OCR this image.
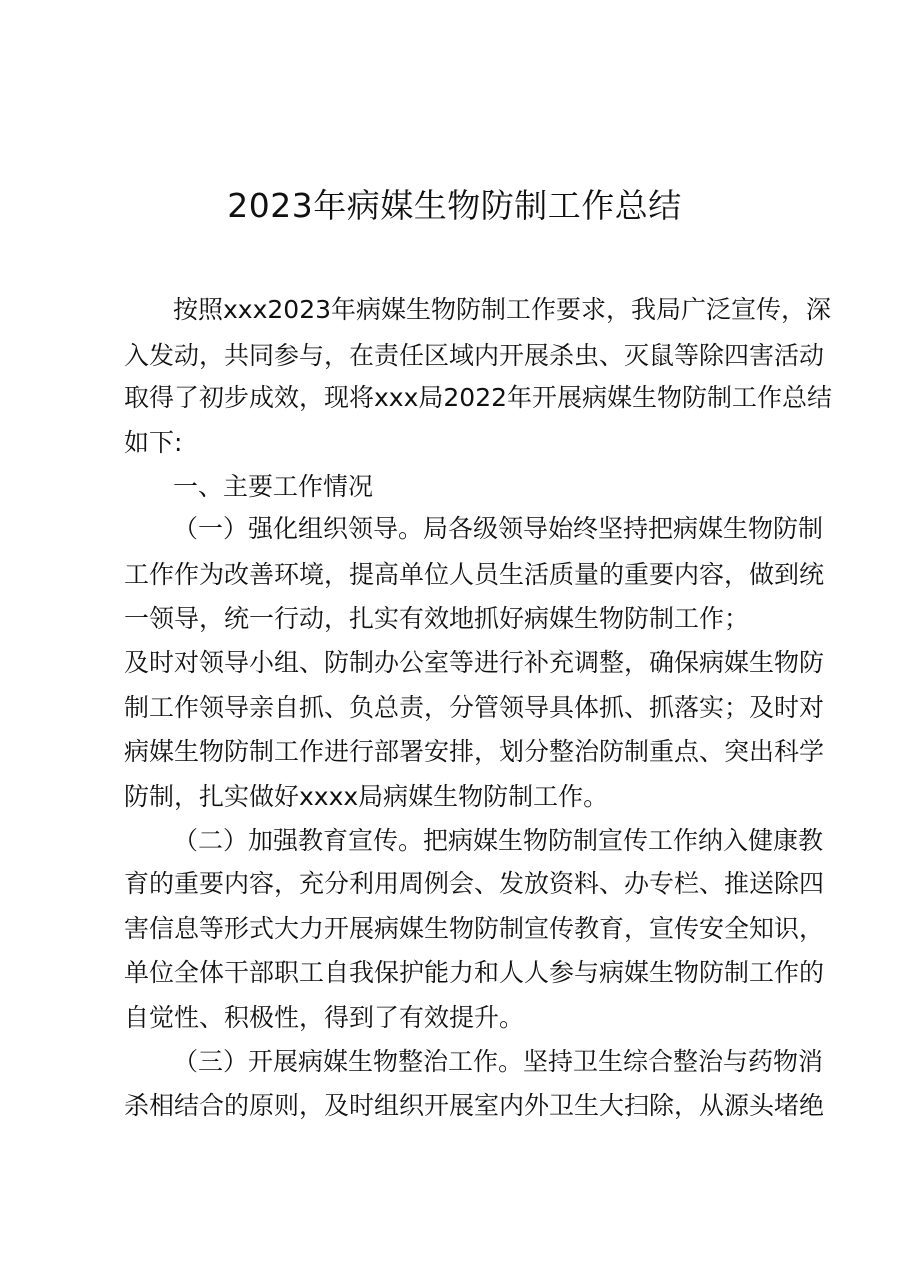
2023年病媒生物防制工作总结
按照xxx2023年病媒生物防制工作要求，我局广泛宣传，深
入发动，共同参与，在责任区域内开展杀虫、灭鼠等除四害活动
取得了初步成效，现将xxx局2022年开展病媒生物防制工作总结
如下:
一、主要工作情况
（一）强化组织领导。局各级领导始终坚持把病媒生物防制
工作作为改善环境，提高单位人员生活质量的重要内容，做到统
一领导，统一行动，扎实有效地抓好病媒生物防制工作；
及时对领导小组、防制办公室等进行补充调整，确保病媒生物防
制工作领导亲自抓、负总责，分管领导具体抓、抓落实；及时对
病媒生物防制工作进行部署安排，划分整治防制重点、突出科学
防制，扎实做好xxxx局病媒生物防制工作。
（二）加强教育宣传。把病媒生物防制宣传工作纳入健康教
育的重要内容，充分利用周例会、发放资料、办专栏、推送除四
害信息等形式大力开展病媒生物防制宣传教育，宣传安全知识，
单位全体干部职工自我保护能力和人人参与病媒生物防制工作的
自觉性、积极性，得到了有效提升。
（三）开展病媒生物整治工作。坚持卫生综合整治与药物消
杀相结合的原则，及时组织开展室内外卫生大扫除，从源头堵绝
